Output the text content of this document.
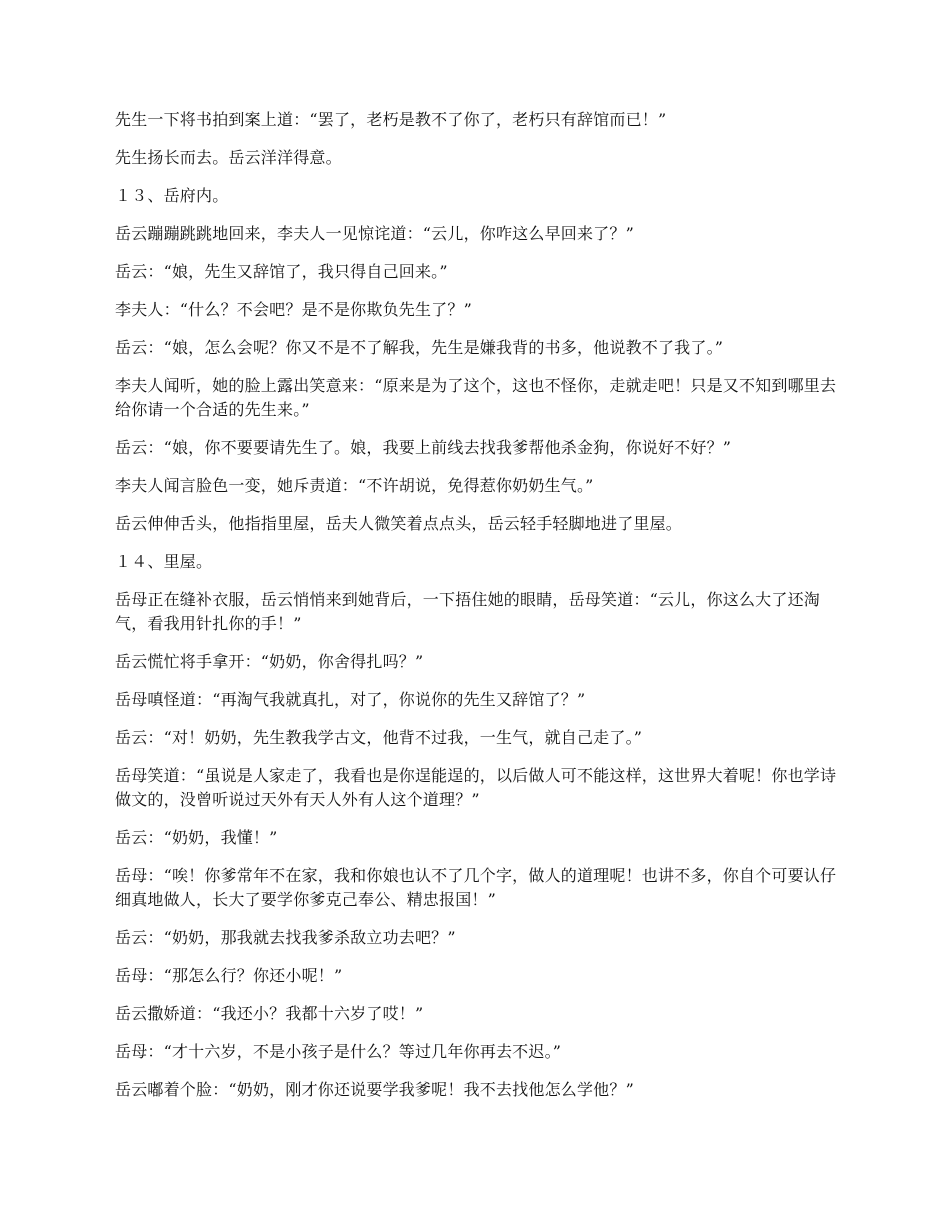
先生一下将书拍到案上道：“罢了，老朽是教不了你了，老朽只有辞馆而已！”

先生扬长而去。岳云洋洋得意。

１３、岳府内。

岳云蹦蹦跳跳地回来，李夫人一见惊诧道：“云儿，你咋这么早回来了？”

岳云：“娘，先生又辞馆了，我只得自己回来。”

李夫人：“什么？不会吧？是不是你欺负先生了？”

岳云：“娘，怎么会呢？你又不是不了解我，先生是嫌我背的书多，他说教不了我了。”

李夫人闻听，她的脸上露出笑意来：“原来是为了这个，这也不怪你，走就走吧！只是又不知到哪里去给你请一个合适的先生来。”

岳云：“娘，你不要要请先生了。娘，我要上前线去找我爹帮他杀金狗，你说好不好？”

李夫人闻言脸色一变，她斥责道：“不许胡说，免得惹你奶奶生气。”

岳云伸伸舌头，他指指里屋，岳夫人微笑着点点头，岳云轻手轻脚地进了里屋。

１４、里屋。

岳母正在缝补衣服，岳云悄悄来到她背后，一下捂住她的眼睛，岳母笑道：“云儿，你这么大了还淘气，看我用针扎你的手！”

岳云慌忙将手拿开：“奶奶，你舍得扎吗？”

岳母嗔怪道：“再淘气我就真扎，对了，你说你的先生又辞馆了？”

岳云：“对！奶奶，先生教我学古文，他背不过我，一生气，就自己走了。”

岳母笑道：“虽说是人家走了，我看也是你逞能逞的，以后做人可不能这样，这世界大着呢！你也学诗做文的，没曾听说过天外有天人外有人这个道理？”

岳云：“奶奶，我懂！”

岳母：“唉！你爹常年不在家，我和你娘也认不了几个字，做人的道理呢！也讲不多，你自个可要认仔细真地做人，长大了要学你爹克己奉公、精忠报国！”

岳云：“奶奶，那我就去找我爹杀敌立功去吧？”

岳母：“那怎么行？你还小呢！”

岳云撒娇道：“我还小？我都十六岁了哎！”

岳母：“才十六岁，不是小孩子是什么？等过几年你再去不迟。”

岳云嘟着个脸：“奶奶，刚才你还说要学我爹呢！我不去找他怎么学他？”
